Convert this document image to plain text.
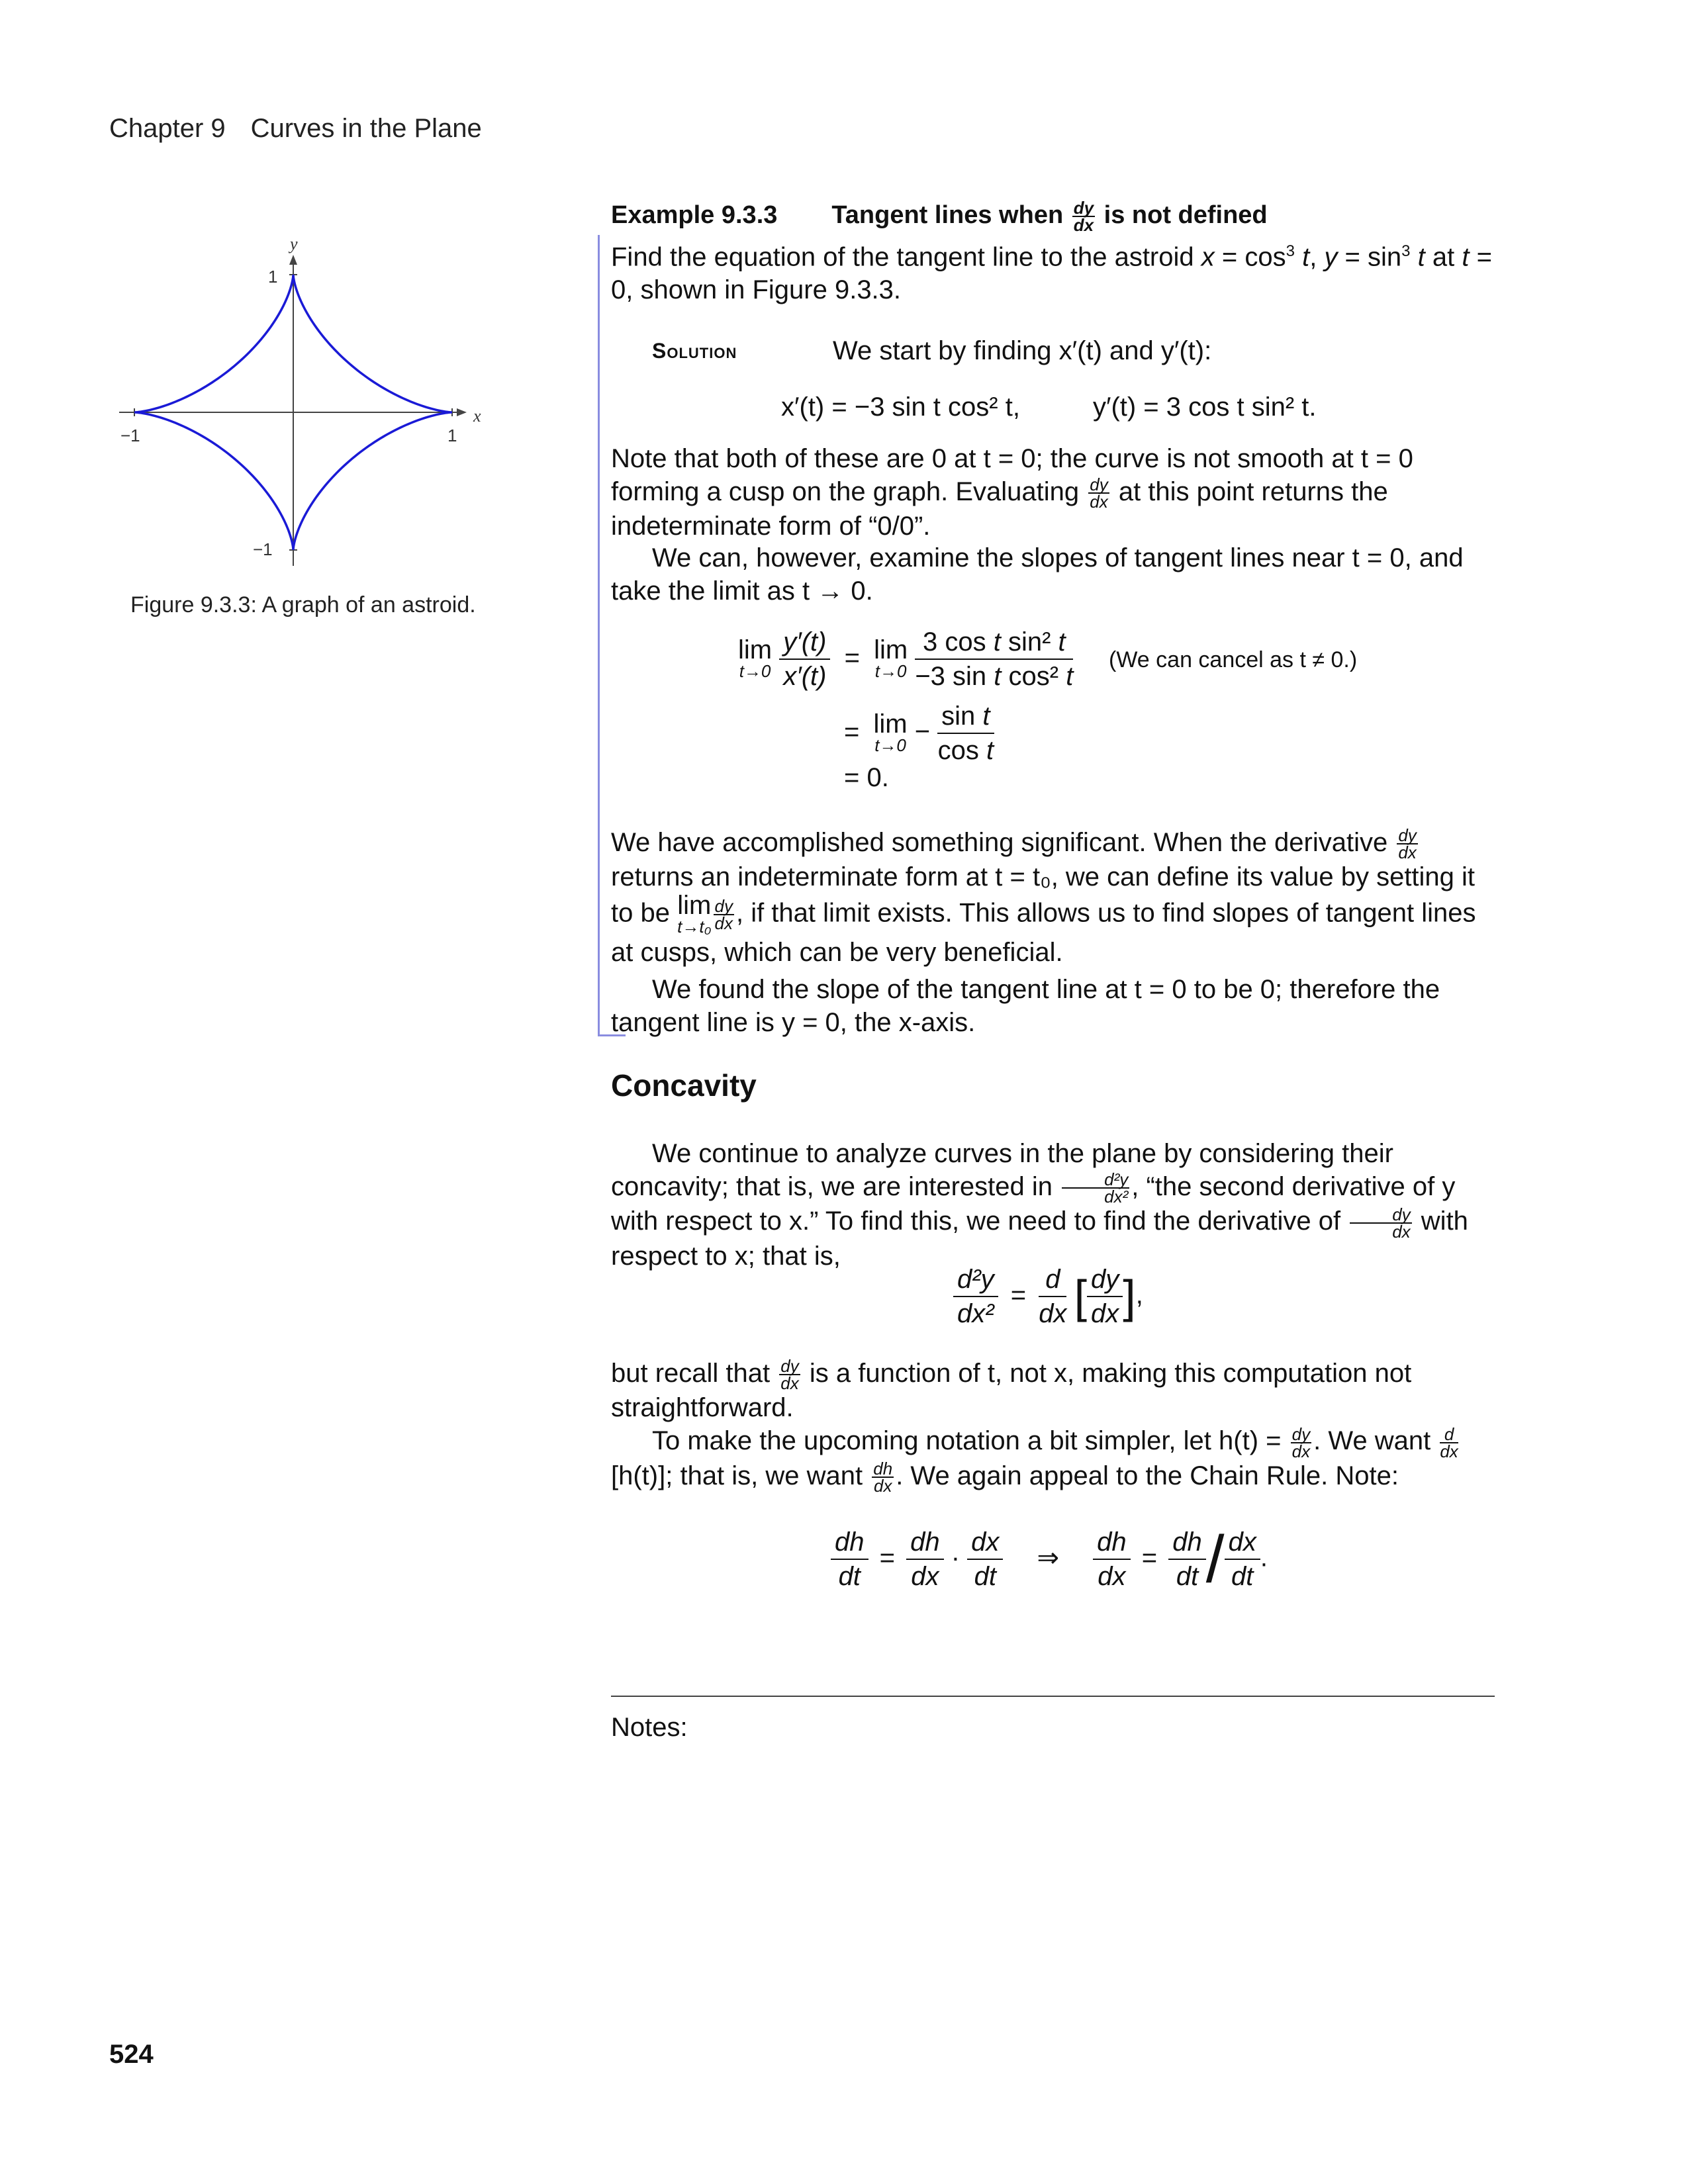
Chapter 9 Curves in the Plane
x
y
−1	1
1
−1
Figure 9.3.3: A graph of an astroid.
Example 9.3.3 Tangent lines when $\frac{dy}{dx}$ is not defined
Find the equation of the tangent line to the astroid $x = \cos^3 t$, $y = \sin^3 t$ at t = 0, shown in Figure 9.3.3.
Solution	We start by finding x′(t) and y′(t):
x′(t) = −3 sin t cos² t,	y′(t) = 3 cos t sin² t.
Note that both of these are 0 at t = 0; the curve is not smooth at t = 0 forming a cusp on the graph. Evaluating $\frac{dy}{dx}$ at this point returns the indeterminate form of “0/0”.
We can, however, examine the slopes of tangent lines near t = 0, and take the limit as t → 0.
lim
t→0
$\frac{y'(t)}{x'(t)} = \lim$
t→0
$\frac{\text{3 cos t sin² t}}{\text{−3 sin t cos² t}}$
= lim
$t\to 0 - \frac{\text{sin t}}{\text{cos t}}$
= 0.
(We can cancel as t ≠ 0.)
We have accomplished something significant. When the derivative $\frac{dy}{dx}$
returns an indeterminate form at t = t₀, we can define its value by setting it to be lim
$t\to t_0 \frac{dy}{dx}$ , if that limit exists. This allows us to find slopes of tangent lines at cusps, which can be very beneficial.
We found the slope of the tangent line at t = 0 to be 0; therefore the tangent line is y = 0, the x-axis.
Concavity
We continue to analyze curves in the plane by considering their concavity; that is, we are interested in $\frac{\text{d²y}}{\text{dx²}}$ , “the second derivative of y with respect to x.” To find this, we need to find the derivative of $\frac{dy}{dx}$ with respect to x; that is,
$\frac{\text{d²y}}{\text{dx²}} = \frac{d}{dx}$ [ $\frac{dy}{dx}$ ],
but recall that $\frac{dy}{dx}$ is a function of t, not x, making this computation not straightforward.
To make the upcoming notation a bit simpler, let $h(t) = \frac{dy}{dx}$ . We want $\frac{d}{dx}$
[h(t)]; that is, we want $\frac{dh}{dx}$ . We again appeal to the Chain Rule. Note:
$\frac{dh}{dt} = \frac{dh}{dx} \cdot \frac{dx}{dt}$ ⇒ $\frac{dh}{dx} = \frac{dh}{dt} / \frac{dx}{dt}$ .
Notes:
524
